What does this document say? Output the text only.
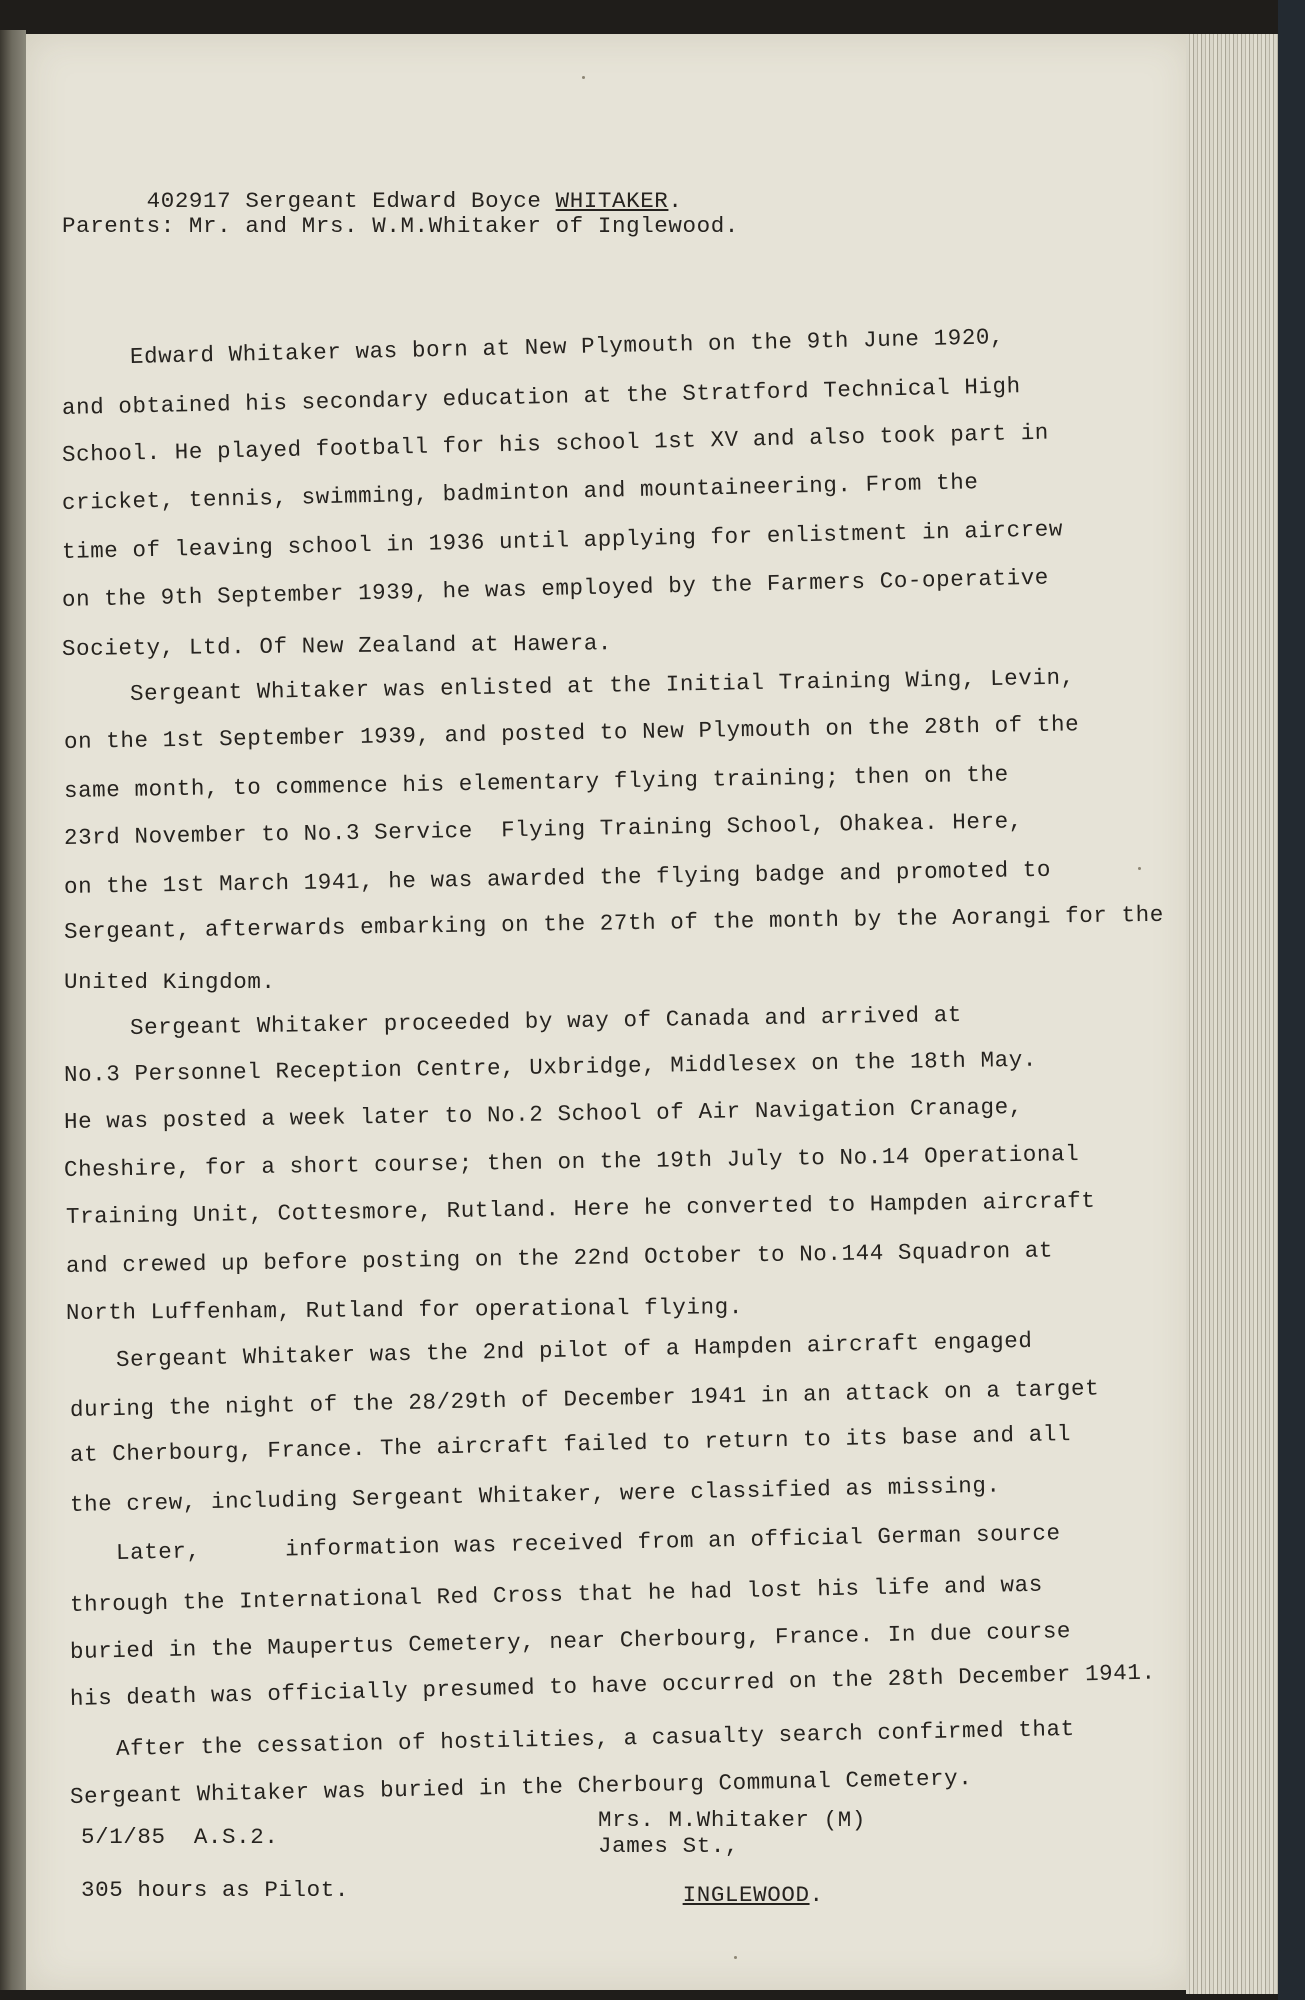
402917 Sergeant Edward Boyce WHITAKER.

Parents: Mr. and Mrs. W.M.Whitaker of Inglewood.
Edward Whitaker was born at New Plymouth on the 9th June 1920,
and obtained his secondary education at the Stratford Technical High
School. He played football for his school 1st XV and also took part in
cricket, tennis, swimming, badminton and mountaineering. From the
time of leaving school in 1936 until applying for enlistment in aircrew
on the 9th September 1939, he was employed by the Farmers Co-operative
Society, Ltd. Of New Zealand at Hawera.
Sergeant Whitaker was enlisted at the Initial Training Wing, Levin,
on the 1st September 1939, and posted to New Plymouth on the 28th of the
same month, to commence his elementary flying training; then on the
23rd November to No.3 Service  Flying Training School, Ohakea. Here,
on the 1st March 1941, he was awarded the flying badge and promoted to
Sergeant, afterwards embarking on the 27th of the month by the Aorangi for the
United Kingdom.
Sergeant Whitaker proceeded by way of Canada and arrived at
No.3 Personnel Reception Centre, Uxbridge, Middlesex on the 18th May.
He was posted a week later to No.2 School of Air Navigation Cranage,
Cheshire, for a short course; then on the 19th July to No.14 Operational
Training Unit, Cottesmore, Rutland. Here he converted to Hampden aircraft
and crewed up before posting on the 22nd October to No.144 Squadron at
North Luffenham, Rutland for operational flying.
Sergeant Whitaker was the 2nd pilot of a Hampden aircraft engaged
during the night of the 28/29th of December 1941 in an attack on a target
at Cherbourg, France. The aircraft failed to return to its base and all
the crew, including Sergeant Whitaker, were classified as missing.
Later,      information was received from an official German source
through the International Red Cross that he had lost his life and was
buried in the Maupertus Cemetery, near Cherbourg, France. In due course
his death was officially presumed to have occurred on the 28th December 1941.
After the cessation of hostilities, a casualty search confirmed that
Sergeant Whitaker was buried in the Cherbourg Communal Cemetery.
5/1/85  A.S.2.
305 hours as Pilot.
Mrs. M.Whitaker (M)
James St.,

INGLEWOOD.
